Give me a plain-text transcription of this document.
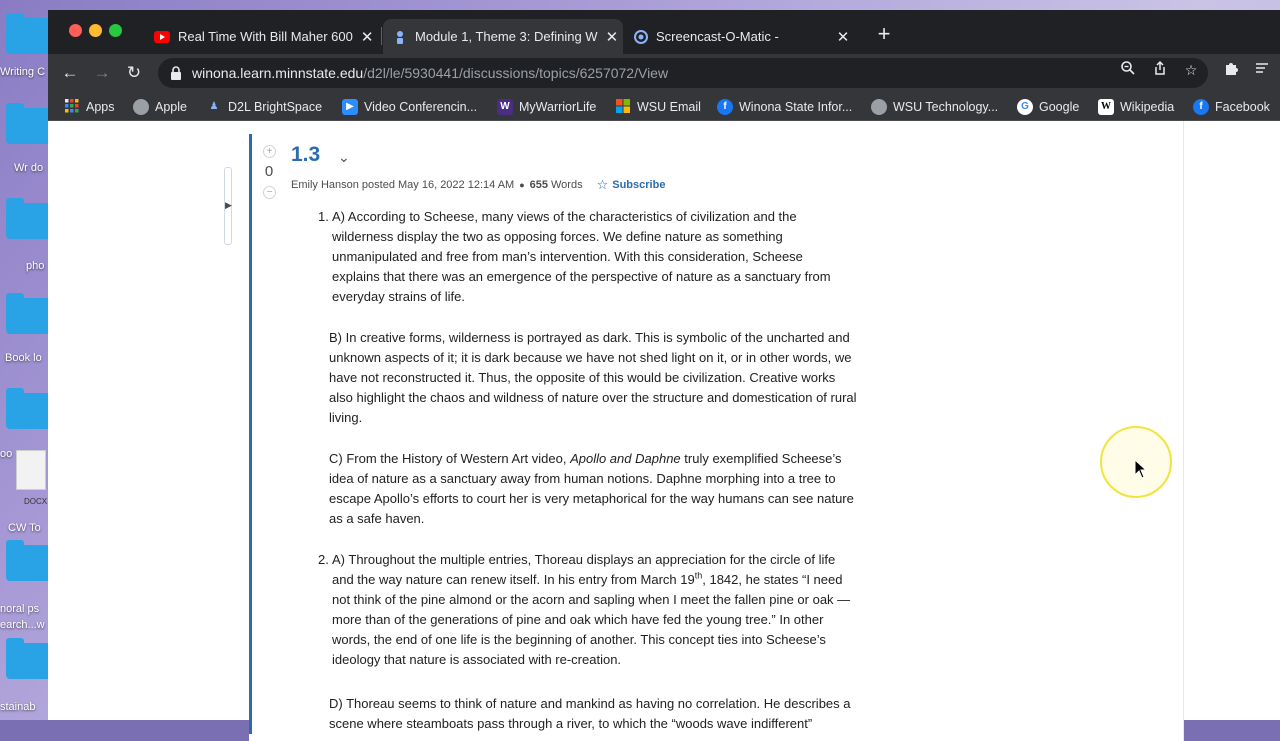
Writing C
Wr do
pho
Book lo
oo
DOCX
CW To
noral ps
earch...w
stainab
Real Time With Bill Maher 600 ✕	Module 1, Theme 3: Defining W ✕	Screencast-O-Matic -	✕ +
← → ↻	winona.learn.minnstate.edu/d2l/le/5930441/discussions/topics/6257072/View	☆
Apps	Apple	♟ D2L BrightSpace	▶ Video Conferencin...	W MyWarriorLife	WSU Email	f Winona State Infor...	WSU Technology...	G Google	W Wikipedia	f Facebook
▶
+
0
−
1.3 ⌄
Emily Hanson
posted May 16, 2022 12:14 AM ● 655 Words ☆ Subscribe
1. A) According to Scheese, many views of the characteristics of civilization and the wilderness display the two as opposing forces. We define nature as something unmanipulated and free from man’s intervention. With this consideration, Scheese explains that there was an emergence of the perspective of nature as a sanctuary from everyday strains of life.
B) In creative forms, wilderness is portrayed as dark. This is symbolic of the uncharted and unknown aspects of it; it is dark because we have not shed light on it, or in other words, we have not reconstructed it. Thus, the opposite of this would be civilization. Creative works also highlight the chaos and wildness of nature over the structure and domestication of rural living.
C) From the History of Western Art video, Apollo and Daphne truly exemplified Scheese’s idea of nature as a sanctuary away from human notions. Daphne morphing into a tree to escape Apollo’s efforts to court her is very metaphorical for the way humans can see nature as a safe haven.
2. A) Throughout the multiple entries, Thoreau displays an appreciation for the circle of life and the way nature can renew itself. In his entry from March 19th, 1842, he states “I need not think of the pine almond or the acorn and sapling when I meet the fallen pine or oak —more than of the generations of pine and oak which have fed the young tree.” In other words, the end of one life is the beginning of another. This concept ties into Scheese’s ideology that nature is associated with re-creation.
D) Thoreau seems to think of nature and mankind as having no correlation. He describes a scene where steamboats pass through a river, to which the “woods wave indifferent”
